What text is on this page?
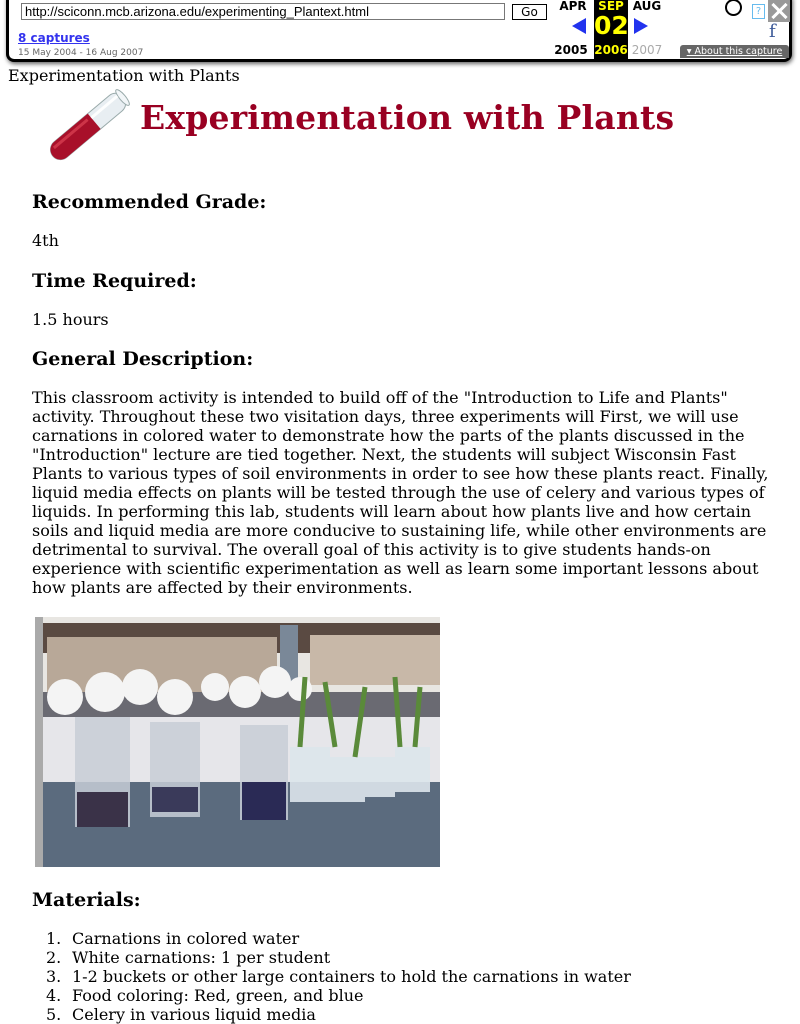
http://sciconn.mcb.arizona.edu/experimenting_Plantext.html
Go
8 captures
15 May 2004 - 16 Aug 2007
APR SEP AUG
02
2005 2006 2007
?
f
▾ About this capture
Experimentation with Plants
Experimentation with Plants
Recommended Grade:

4th

Time Required:

1.5 hours

General Description:

This classroom activity is intended to build off of the "Introduction to Life and Plants" activity. Throughout these two visitation days, three experiments will First, we will use carnations in colored water to demonstrate how the parts of the plants discussed in the "Introduction" lecture are tied together. Next, the students will subject Wisconsin Fast Plants to various types of soil environments in order to see how these plants react. Finally, liquid media effects on plants will be tested through the use of celery and various types of liquids. In performing this lab, students will learn about how plants live and how certain soils and liquid media are more conducive to sustaining life, while other environments are detrimental to survival. The overall goal of this activity is to give students hands-on experience with scientific experimentation as well as learn some important lessons about how plants are affected by their environments.

Materials:
1. Carnations in colored water
2. White carnations: 1 per student
3. 1-2 buckets or other large containers to hold the carnations in water
4. Food coloring: Red, green, and blue
5. Celery in various liquid media
